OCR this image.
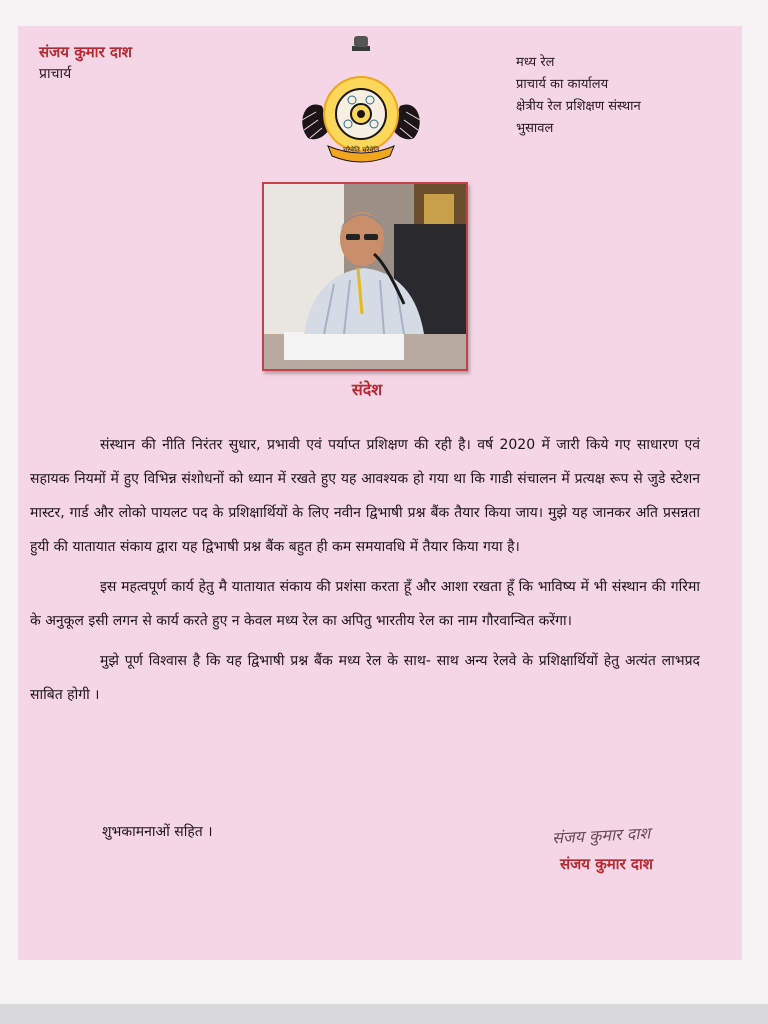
संजय कुमार दाश
प्राचार्य
चरैवेति चरैवेति
मध्य रेल
प्राचार्य का कार्यालय
क्षेत्रीय रेल प्रशिक्षण संस्थान
भुसावल
संदेश

संस्थान की नीति निरंतर सुधार, प्रभावी एवं पर्याप्त प्रशिक्षण की रही है। वर्ष 2020 में जारी किये गए साधारण एवं सहायक नियमों में हुए विभिन्न संशोधनों को ध्यान में रखते हुए यह आवश्यक हो गया था कि गाडी संचालन में प्रत्यक्ष रूप से जुडे स्टेशन मास्टर, गार्ड और लोको पायलट पद के प्रशिक्षार्थियों के लिए नवीन द्विभाषी प्रश्न बैंक तैयार किया जाय। मुझे यह जानकर अति प्रसन्नता हुयी की यातायात संकाय द्वारा यह द्विभाषी प्रश्न बैंक बहुत ही कम समयावधि में तैयार किया गया है।

इस महत्वपूर्ण कार्य हेतु मै यातायात संकाय की प्रशंसा करता हूँ और आशा रखता हूँ कि भाविष्य में भी संस्थान की गरिमा के अनुकूल इसी लगन से कार्य करते हुए न केवल मध्य रेल का अपितु भारतीय रेल का नाम गौरवान्वित करेंगा।

मुझे पूर्ण विश्वास है कि यह द्विभाषी प्रश्न बैंक मध्य रेल के साथ- साथ अन्य रेलवे के प्रशिक्षार्थियों हेतु अत्यंत लाभप्रद साबित होगी ।

शुभकामनाओं सहित ।	संजय कुमार दाश
संजय कुमार दाश
